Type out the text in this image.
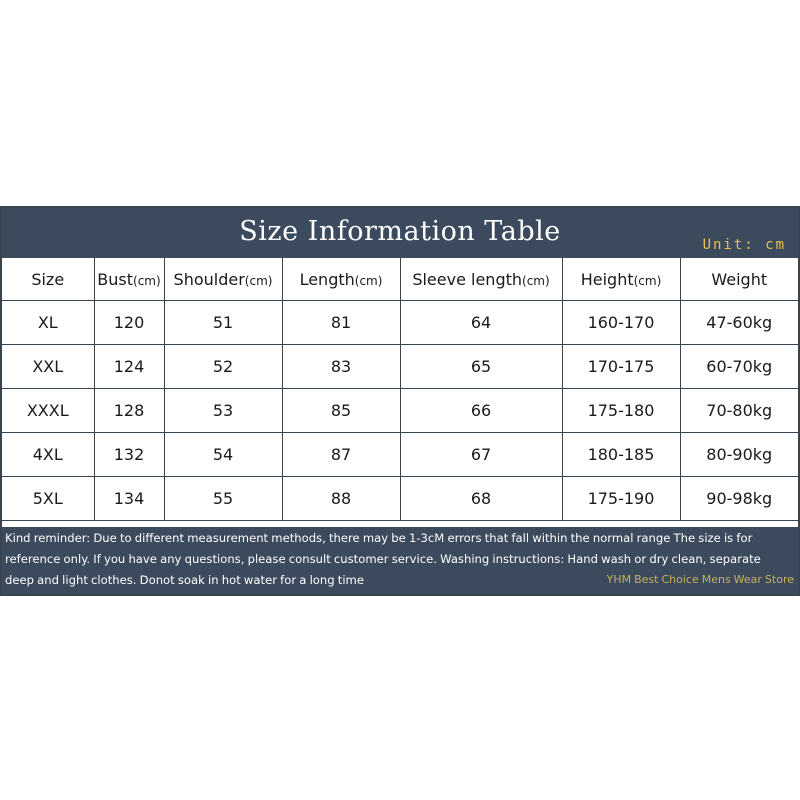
Size Information Table	Unit: cm
Size	Bust(cm)	Shoulder(cm)	Length(cm)	Sleeve length(cm)	Height(cm)	Weight
XL	120	51	81	64	160-170	47-60kg
XXL	124	52	83	65	170-175	60-70kg
XXXL	128	53	85	66	175-180	70-80kg
4XL	132	54	87	67	180-185	80-90kg
5XL	134	55	88	68	175-190	90-98kg
Kind reminder: Due to different measurement methods, there may be 1-3cM errors that fall within the normal range The size is for
reference only. If you have any questions, please consult customer service. Washing instructions: Hand wash or dry clean, separate
deep and light clothes. Donot soak in hot water for a long time	YHM Best Choice Mens Wear Store
